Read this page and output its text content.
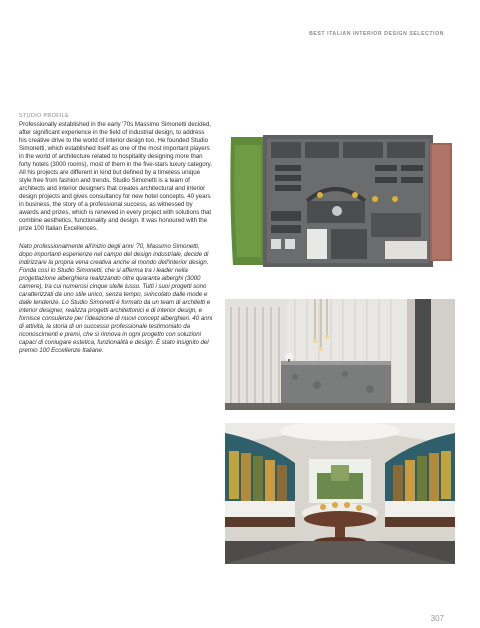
BEST ITALIAN INTERIOR DESIGN SELECTION
STUDIO PROFILE

Professionally established in the early '70s Massimo Simonetti decided, after significant experience in the field of industrial design, to address his creative drive to the world of interior design too. He founded Studio Simonetti, which established itself as one of the most important players in the world of architecture related to hospitality designing more than forty hotels (3000 rooms), most of them in the five-stars luxury category. All his projects are different in kind but defined by a timeless unique style free from fashion and trends. Studio Simonetti is a team of architects and interior designers that creates architectural and interior design projects and gives consultancy for new hotel concepts. 40 years in business, the story of a professional success, as witnessed by awards and prizes, which is renewed in every project with solutions that combine aesthetics, functionality and design. It was honoured with the prize 100 Italian Excellences.

Nato professionalmente all'inizio degli anni '70, Massimo Simonetti, dopo importanti esperienze nel campo del design industriale, decide di indirizzare la propria vena creativa anche al mondo dell'interior design. Fonda così lo Studio Simonetti, che si afferma tra i leader nella progettazione alberghiera realizzando oltre quaranta alberghi (3000 camere), tra cui numerosi cinque stelle lusso. Tutti i suoi progetti sono caratterizzati da uno stile unico, senza tempo, svincolato dalle mode e dalle tendenze. Lo Studio Simonetti è formato da un team di architetti e interior designer, realizza progetti architettonici e di interior design, e fornisce consulenze per l'ideazione di nuovi concept alberghieri. 40 anni di attività, la storia di un successo professionale testimoniato da riconoscimenti e premi, che si rinnova in ogni progetto con soluzioni capaci di coniugare estetica, funzionalità e design. È stato insignito del premio 100 Eccellenze Italiane.

307
